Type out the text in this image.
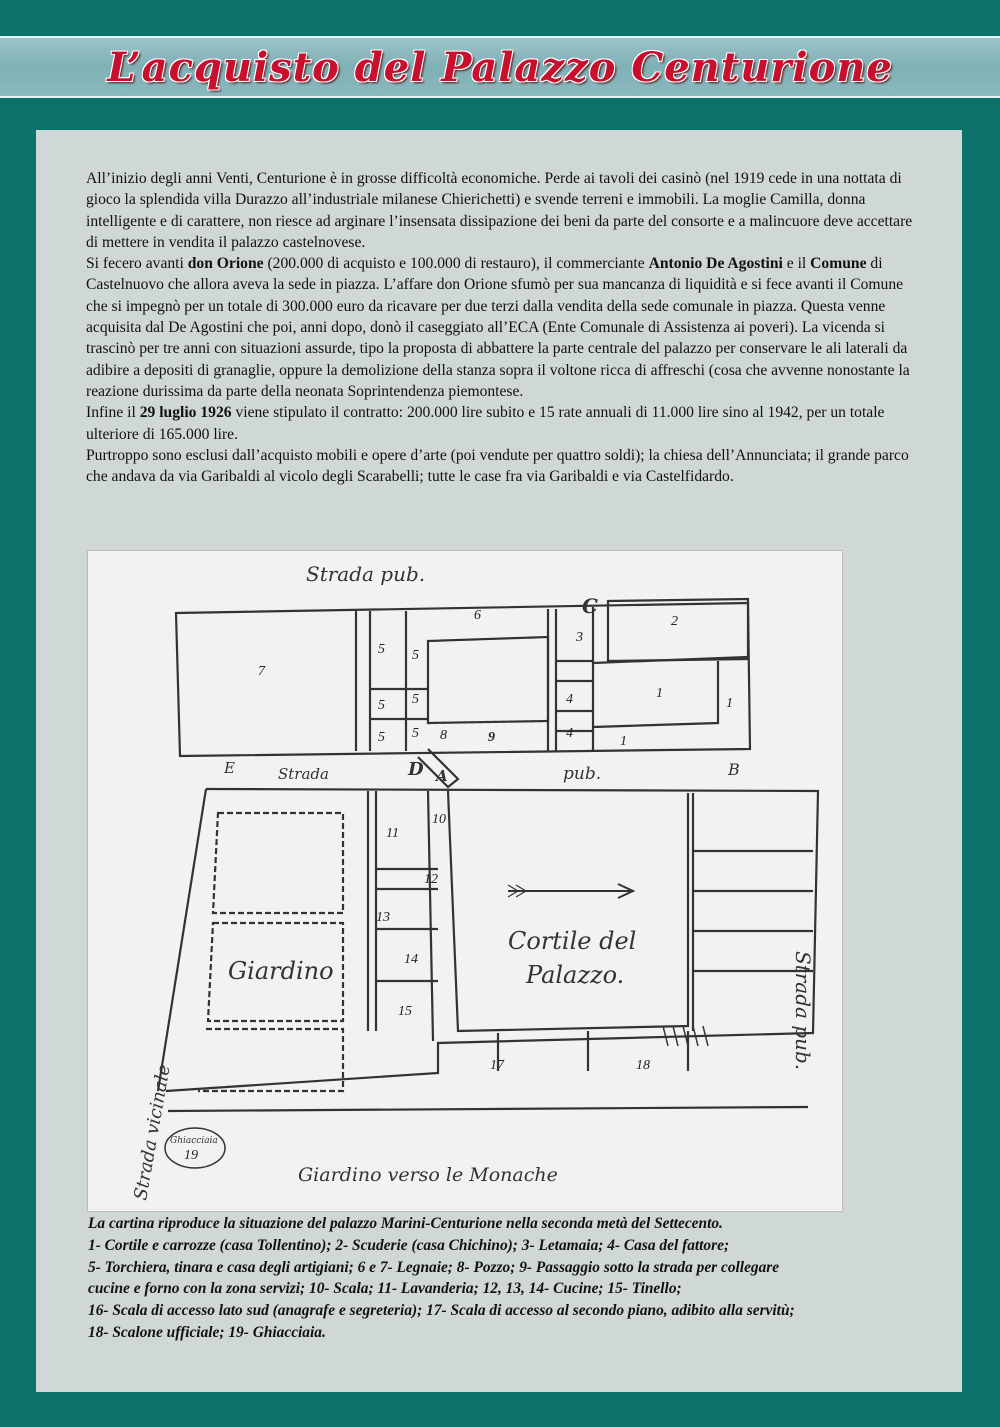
L’acquisto del Palazzo Centurione

All’inizio degli anni Venti, Centurione è in grosse difficoltà economiche. Perde ai tavoli dei casinò (nel 1919 cede in una nottata di gioco la splendida villa Durazzo all’industriale milanese Chierichetti) e svende terreni e immobili. La moglie Camilla, donna intelligente e di carattere, non riesce ad arginare l’insensata dissipazione dei beni da parte del consorte e a malincuore deve accettare di mettere in vendita il palazzo castelnovese.

Si fecero avanti don Orione (200.000 di acquisto e 100.000 di restauro), il commerciante Antonio De Agostini e il Comune di Castelnuovo che allora aveva la sede in piazza. L’affare don Orione sfumò per sua mancanza di liquidità e si fece avanti il Comune che si impegnò per un totale di 300.000 euro da ricavare per due terzi dalla vendita della sede comunale in piazza. Questa venne acquisita dal De Agostini che poi, anni dopo, donò il caseggiato all’ECA (Ente Comunale di Assistenza ai poveri). La vicenda si trascinò per tre anni con situazioni assurde, tipo la proposta di abbattere la parte centrale del palazzo per conservare le ali laterali da adibire a depositi di granaglie, oppure la demolizione della stanza sopra il voltone ricca di affreschi (cosa che avvenne nonostante la reazione durissima da parte della neonata Soprintendenza piemontese.

Infine il 29 luglio 1926 viene stipulato il contratto: 200.000 lire subito e 15 rate annuali di 11.000 lire sino al 1942, per un totale ulteriore di 165.000 lire.

Purtroppo sono esclusi dall’acquisto mobili e opere d’arte (poi vendute per quattro soldi); la chiesa dell’Annunciata; il grande parco che andava da via Garibaldi al vicolo degli Scarabelli; tutte le case fra via Garibaldi e via Castelfidardo.

Strada pub.
Strada	pub.
Strada pub.
Strada vicinale
Giardino
Cortile del
Palazzo.
Giardino verso le Monache
Ghiacciaia
19
C
E	D A	B
2
1
1
1
3
4
4
5 5
5 5
5 5
6
7
8	9
10
11
12
13
14
15
17	18

La cartina riproduce la situazione del palazzo Marini-Centurione nella seconda metà del Settecento.

1- Cortile e carrozze (casa Tollentino); 2- Scuderie (casa Chichino); 3- Letamaia; 4- Casa del fattore;

5- Torchiera, tinara e casa degli artigiani; 6 e 7- Legnaie; 8- Pozzo; 9- Passaggio sotto la strada per collegare

cucine e forno con la zona servizi; 10- Scala; 11- Lavanderia; 12, 13, 14- Cucine; 15- Tinello;

16- Scala di accesso lato sud (anagrafe e segreteria); 17- Scala di accesso al secondo piano, adibito alla servitù;

18- Scalone ufficiale; 19- Ghiacciaia.
